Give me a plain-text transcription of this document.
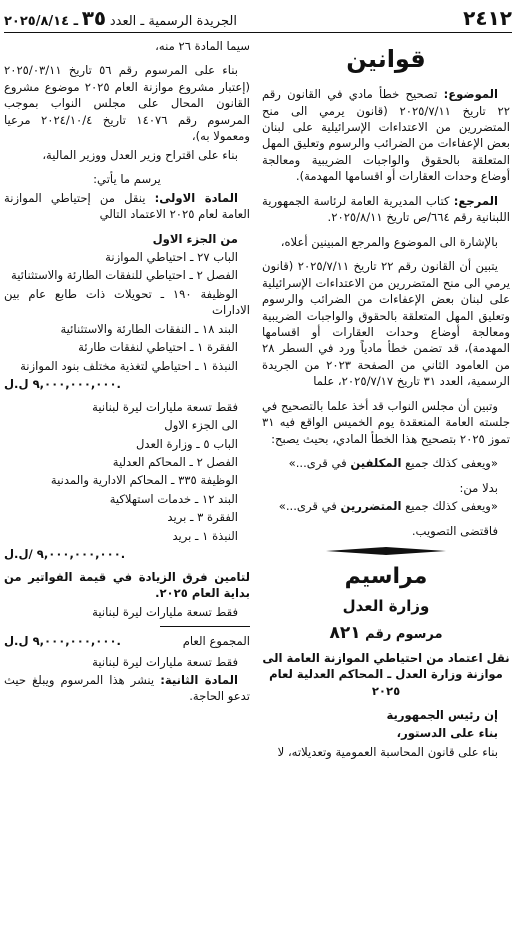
٢٤١٢
الجريدة الرسمية ـ العدد ٣٥ ـ ٢٠٢٥/٨/١٤
قوانين

الموضوع: تصحيح خطأ مادي في القانون رقم ٢٢ تاريخ ٢٠٢٥/٧/١١ (قانون يرمي الى منح المتضررين من الاعتداءات الإسرائيلية على لبنان بعض الإعفاءات من الضرائب والرسوم وتعليق المهل المتعلقة بالحقوق والواجبات الضريبية ومعالجة أوضاع وحدات العقارات أو اقسامها المهدمة).

المرجع: كتاب المديرية العامة لرئاسة الجمهورية اللبنانية رقم ٦٦٤/ص تاريخ ٢٠٢٥/٨/١١.

بالإشارة الى الموضوع والمرجع المبينين أعلاه،

يتبين أن القانون رقم ٢٢ تاريخ ٢٠٢٥/٧/١١ (قانون يرمي الى منح المتضررين من الاعتداءات الإسرائيلية على لبنان بعض الإعفاءات من الضرائب والرسوم وتعليق المهل المتعلقة بالحقوق والواجبات الضريبية ومعالجة أوضاع وحدات العقارات أو اقسامها المهدمة)، قد تضمن خطأ مادياً ورد في السطر ٢٨ من العامود الثاني من الصفحة ٢٠٢٣ من الجريدة الرسمية، العدد ٣١ تاريخ ٢٠٢٥/٧/١٧، علما

وتبين أن مجلس النواب قد أخذ علما بالتصحيح في جلسته العامة المنعقدة يوم الخميس الواقع فيه ٣١ تموز ٢٠٢٥ بتصحيح هذا الخطأ المادي، بحيث يصبح:

«ويعفى كذلك جميع المكلفين في قرى...»

بدلا من:

«ويعفى كذلك جميع المتضررين في قرى...»

فاقتضى التصويب.

مراسيم
وزارة العدل
مرسوم رقم ٨٢١

نقل اعتماد من احتياطي الموازنة العامة الى موازنة وزارة العدل ـ المحاكم العدلية لعام ٢٠٢٥

إن رئيس الجمهورية

بناء على الدستور،

بناء على قانون المحاسبة العمومية وتعديلاته، لا

سيما المادة ٢٦ منه،

بناء على المرسوم رقم ٥٦ تاريخ ٢٠٢٥/٠٣/١١ (إعتبار مشروع موازنة العام ٢٠٢٥ موضوع مشروع القانون المحال على مجلس النواب بموجب المرسوم رقم ١٤٠٧٦ تاريخ ٢٠٢٤/١٠/٤ مرعيا ومعمولا به)،

بناء على اقتراح وزير العدل ووزير المالية،

يرسم ما يأتي:

المادة الاولى: ينقل من إحتياطي الموازنة العامة لعام ٢٠٢٥ الاعتماد التالي

من الجزء الاول

الباب ٢٧ ـ احتياطي الموازنة

الفصل ٢ ـ احتياطي للنفقات الطارئة والاستثنائية

الوظيفة ١٩٠ ـ تحويلات ذات طابع عام بين الادارات

البند ١٨ ـ النفقات الطارئة والاستثنائية

الفقرة ١ ـ احتياطي لنفقات طارئة

النبذة ١ ـ احتياطي لتغذية مختلف بنود الموازنة

٩,٠٠٠,٠٠٠,٠٠٠ ل.ل.

فقط تسعة مليارات ليرة لبنانية

الى الجزء الاول

الباب ٥ ـ وزارة العدل

الفصل ٢ ـ المحاكم العدلية

الوظيفة ٣٣٥ ـ المحاكم الادارية والمدنية

البند ١٢ ـ خدمات استهلاكية

الفقرة ٣ ـ بريد

النبذة ١ ـ بريد

٩,٠٠٠,٠٠٠,٠٠٠ /ل.ل.

لتامين فرق الزيادة في قيمة الفواتير من بداية العام ٢٠٢٥.

فقط تسعة مليارات ليرة لبنانية

المجموع العام
٩,٠٠٠,٠٠٠,٠٠٠ ل.ل.

فقط تسعة مليارات ليرة لبنانية

المادة الثانية: ينشر هذا المرسوم ويبلغ حيث تدعو الحاجة.
